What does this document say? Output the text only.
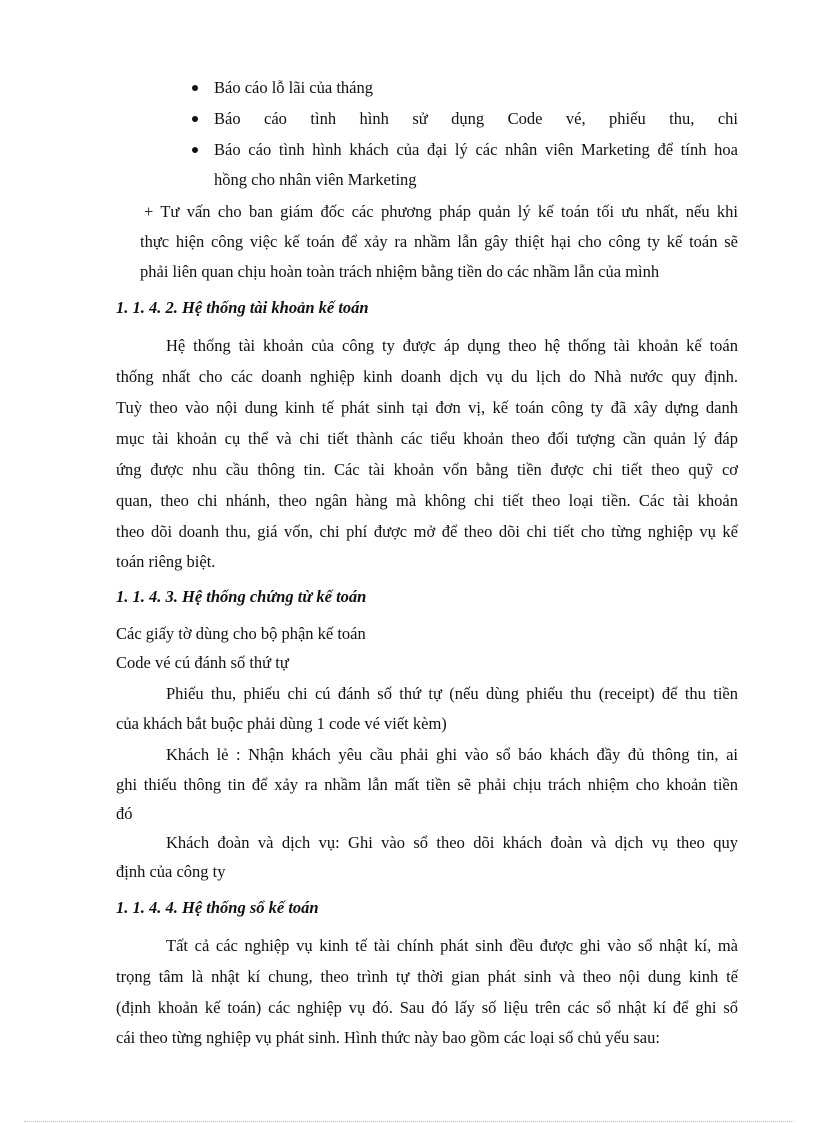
Báo cáo lỗ lãi của tháng
Báo cáo tình hình sử dụng Code vé, phiếu thu, chi
Báo cáo tình hình khách của đại lý các nhân viên Marketing để tính hoa
hồng cho nhân viên Marketing
+ Tư vấn cho ban giám đốc các phương pháp quản lý kế toán tối ưu nhất, nếu khi
thực hiện công việc kế toán để xảy ra nhầm lẫn gây thiệt hại cho công ty kế toán sẽ
phải liên quan chịu hoàn toàn trách nhiệm bằng tiền do các nhầm lẫn của mình
1. 1. 4. 2. Hệ thống tài khoản kế toán
Hệ thống tài khoản của công ty được áp dụng theo hệ thống tài khoản kế toán
thống nhất cho các doanh nghiệp kinh doanh dịch vụ du lịch do Nhà nước quy định.
Tuỳ theo vào nội dung kinh tế phát sinh tại đơn vị, kế toán công ty đã xây dựng danh
mục tài khoản cụ thể và chi tiết thành các tiểu khoản theo đối tượng cần quản lý đáp
ứng được nhu cầu thông tin. Các tài khoản vốn bằng tiền được chi tiết theo quỹ cơ
quan, theo chi nhánh, theo ngân hàng mà không chi tiết theo loại tiền. Các tài khoản
theo dõi doanh thu, giá vốn, chi phí được mở để theo dõi chi tiết cho từng nghiệp vụ kế
toán riêng biệt.
1. 1. 4. 3. Hệ thống chứng từ kế toán
Các giấy tờ dùng cho bộ phận kế toán
Code vé cú đánh số thứ tự
Phiếu thu, phiếu chi cú đánh số thứ tự (nếu dùng phiếu thu (receipt) để thu tiền
của khách bắt buộc phải dùng 1 code vé viết kèm)
Khách lẻ : Nhận khách yêu cầu phải ghi vào sổ báo khách đầy đủ thông tin, ai
ghi thiếu thông tin để xảy ra nhầm lẫn mất tiền sẽ phải chịu trách nhiệm cho khoản tiền
đó
Khách đoàn và dịch vụ: Ghi vào sổ theo dõi khách đoàn và dịch vụ theo quy
định của công ty
1. 1. 4. 4. Hệ thống sổ kế toán
Tất cả các nghiệp vụ kinh tế tài chính phát sinh đều được ghi vào sổ nhật kí, mà
trọng tâm là nhật kí chung, theo trình tự thời gian phát sinh và theo nội dung kinh tế
(định khoản kế toán) các nghiệp vụ đó. Sau đó lấy số liệu trên các sổ nhật kí để ghi sổ
cái theo từng nghiệp vụ phát sinh. Hình thức này bao gồm các loại sổ chủ yếu sau:
